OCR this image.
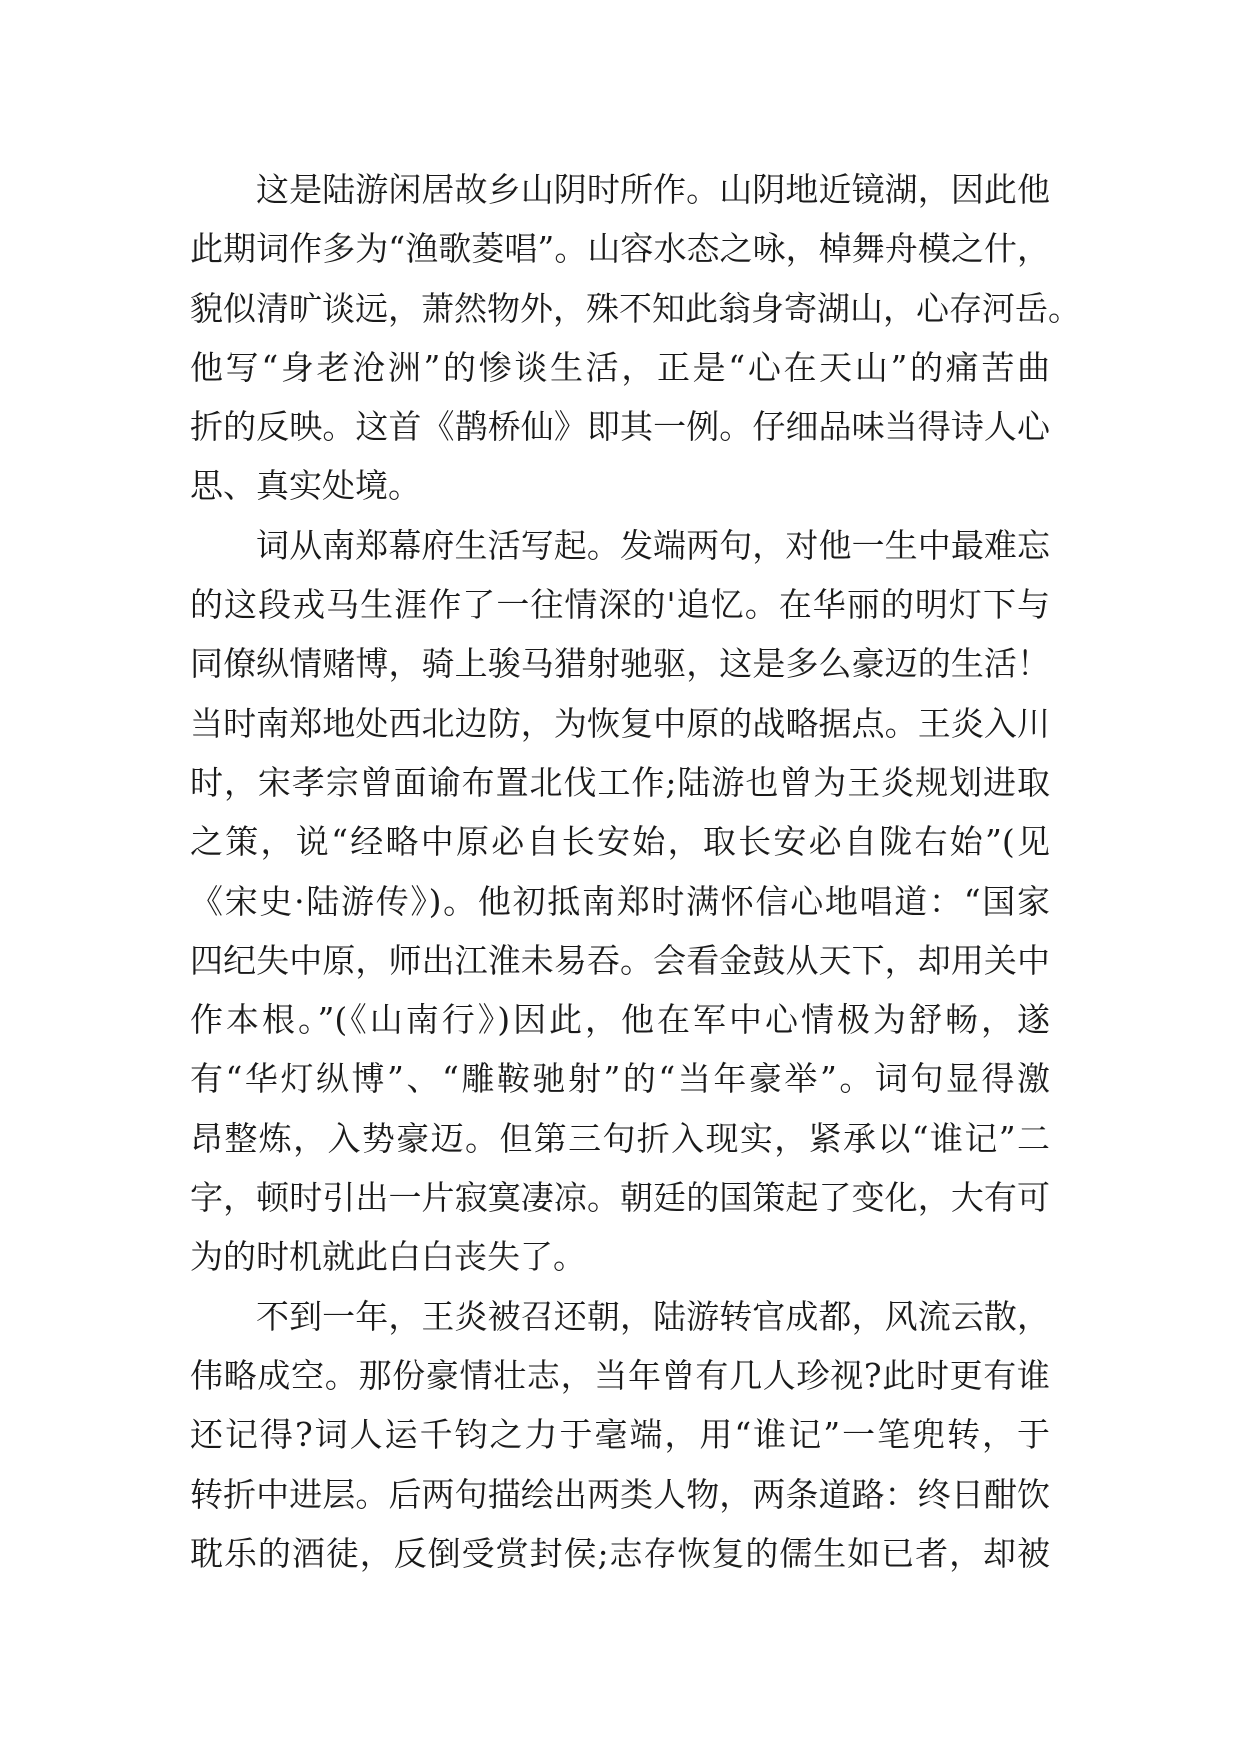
这是陆游闲居故乡山阴时所作。山阴地近镜湖，因此他
此期词作多为“渔歌菱唱”。山容水态之咏，棹舞舟模之什，
貌似清旷谈远，萧然物外，殊不知此翁身寄湖山，心存河岳。
他写“身老沧洲”的惨谈生活，正是“心在天山”的痛苦曲
折的反映。这首《鹊桥仙》即其一例。仔细品味当得诗人心
思、真实处境。
词从南郑幕府生活写起。发端两句，对他一生中最难忘
的这段戎马生涯作了一往情深的'追忆。在华丽的明灯下与
同僚纵情赌博，骑上骏马猎射驰驱，这是多么豪迈的生活！
当时南郑地处西北边防，为恢复中原的战略据点。王炎入川
时，宋孝宗曾面谕布置北伐工作;陆游也曾为王炎规划进取
之策，说“经略中原必自长安始，取长安必自陇右始”(见
《宋史·陆游传》)。他初抵南郑时满怀信心地唱道：“国家
四纪失中原，师出江淮未易吞。会看金鼓从天下，却用关中
作本根。”(《山南行》)因此，他在军中心情极为舒畅，遂
有“华灯纵博”、“雕鞍驰射”的“当年豪举”。词句显得激
昂整炼，入势豪迈。但第三句折入现实，紧承以“谁记”二
字，顿时引出一片寂寞凄凉。朝廷的国策起了变化，大有可
为的时机就此白白丧失了。
不到一年，王炎被召还朝，陆游转官成都，风流云散，
伟略成空。那份豪情壮志，当年曾有几人珍视?此时更有谁
还记得?词人运千钧之力于毫端，用“谁记”一笔兜转，于
转折中进层。后两句描绘出两类人物，两条道路：终日酣饮
耽乐的酒徒，反倒受赏封侯;志存恢复的儒生如已者，却被
